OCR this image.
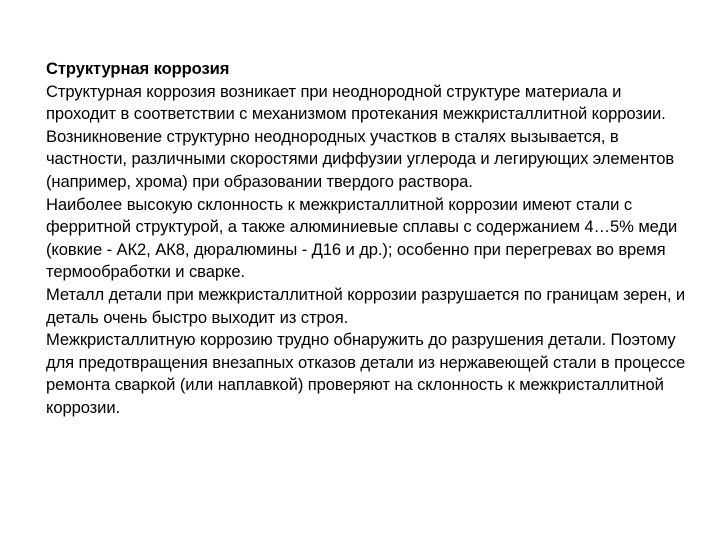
Структурная коррозия

Структурная коррозия возникает при неоднородной структуре материала и проходит в соответствии с механизмом протекания межкристаллитной коррозии.

Возникновение структурно неоднородных участков в сталях вызывается, в частности, различными скоростями диффузии углерода и легирующих элементов (например, хрома) при образовании твердого раствора.

Наиболее высокую склонность к межкристаллитной коррозии имеют стали с ферритной структурой, а также алюминиевые сплавы с содержанием 4…5% меди (ковкие - АК2, АК8, дюралюмины - Д16 и др.); особенно при перегревах во время термообработки и сварке.

Металл детали при межкристаллитной коррозии разрушается по границам зерен, и деталь очень быстро выходит из строя.

Межкристаллитную коррозию трудно обнаружить до разрушения детали. Поэтому для предотвращения внезапных отказов детали из нержавеющей стали в процессе ремонта сваркой (или наплавкой) проверяют на склонность к межкристаллитной коррозии.
